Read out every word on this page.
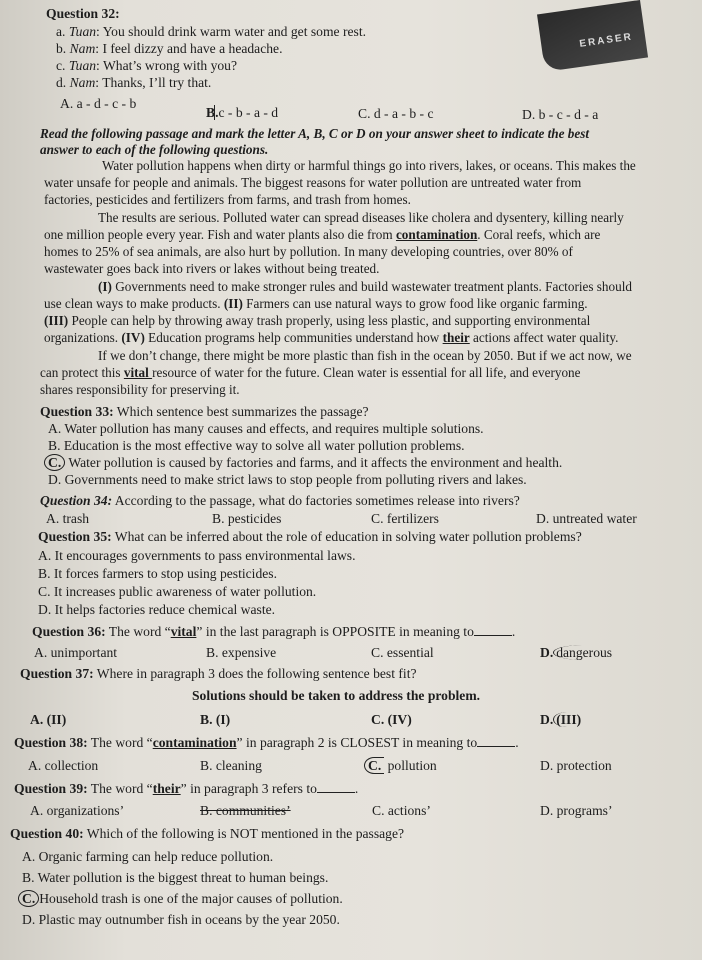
ERASER
Question 32:
a. Tuan: You should drink warm water and get some rest.
b. Nam: I feel dizzy and have a headache.
c. Tuan: What’s wrong with you?
d. Nam: Thanks, I’ll try that.
A. a - d - c - b
B.c - b - a - d	C. d - a - b - c	D. b - c - d - a
Read the following passage and mark the letter A, B, C or D on your answer sheet to indicate the best
answer to each of the following questions.
Water pollution happens when dirty or harmful things go into rivers, lakes, or oceans. This makes the
water unsafe for people and animals. The biggest reasons for water pollution are untreated water from
factories, pesticides and fertilizers from farms, and trash from homes.
The results are serious. Polluted water can spread diseases like cholera and dysentery, killing nearly
one million people every year. Fish and water plants also die from contamination. Coral reefs, which are
homes to 25% of sea animals, are also hurt by pollution. In many developing countries, over 80% of
wastewater goes back into rivers or lakes without being treated.
(I) Governments need to make stronger rules and build wastewater treatment plants. Factories should
use clean ways to make products. (II) Farmers can use natural ways to grow food like organic farming.
(III) People can help by throwing away trash properly, using less plastic, and supporting environmental
organizations. (IV) Education programs help communities understand how their actions affect water quality.
If we don’t change, there might be more plastic than fish in the ocean by 2050. But if we act now, we
can protect this vital resource of water for the future. Clean water is essential for all life, and everyone
shares responsibility for preserving it.
Question 33: Which sentence best summarizes the passage?
A. Water pollution has many causes and effects, and requires multiple solutions.
B. Education is the most effective way to solve all water pollution problems.
C. Water pollution is caused by factories and farms, and it affects the environment and health.
D. Governments need to make strict laws to stop people from polluting rivers and lakes.
Question 34: According to the passage, what do factories sometimes release into rivers?
A. trash	B. pesticides	C. fertilizers	D. untreated water
Question 35: What can be inferred about the role of education in solving water pollution problems?
A. It encourages governments to pass environmental laws.
B. It forces farmers to stop using pesticides.
C. It increases public awareness of water pollution.
D. It helps factories reduce chemical waste.
Question 36: The word “vital” in the last paragraph is OPPOSITE in meaning to	.
A. unimportant	B. expensive	C. essential	D. dangerous
Question 37: Where in paragraph 3 does the following sentence best fit?
Solutions should be taken to address the problem.
A. (II)	B. (I)	C. (IV)	D. (III)
Question 38: The word “contamination” in paragraph 2 is CLOSEST in meaning to	.
A. collection	B. cleaning	C. pollution	D. protection
Question 39: The word “their” in paragraph 3 refers to	.
A. organizations’	B. communities’	C. actions’	D. programs’
Question 40: Which of the following is NOT mentioned in the passage?
A. Organic farming can help reduce pollution.
B. Water pollution is the biggest threat to human beings.
C. Household trash is one of the major causes of pollution.
D. Plastic may outnumber fish in oceans by the year 2050.
